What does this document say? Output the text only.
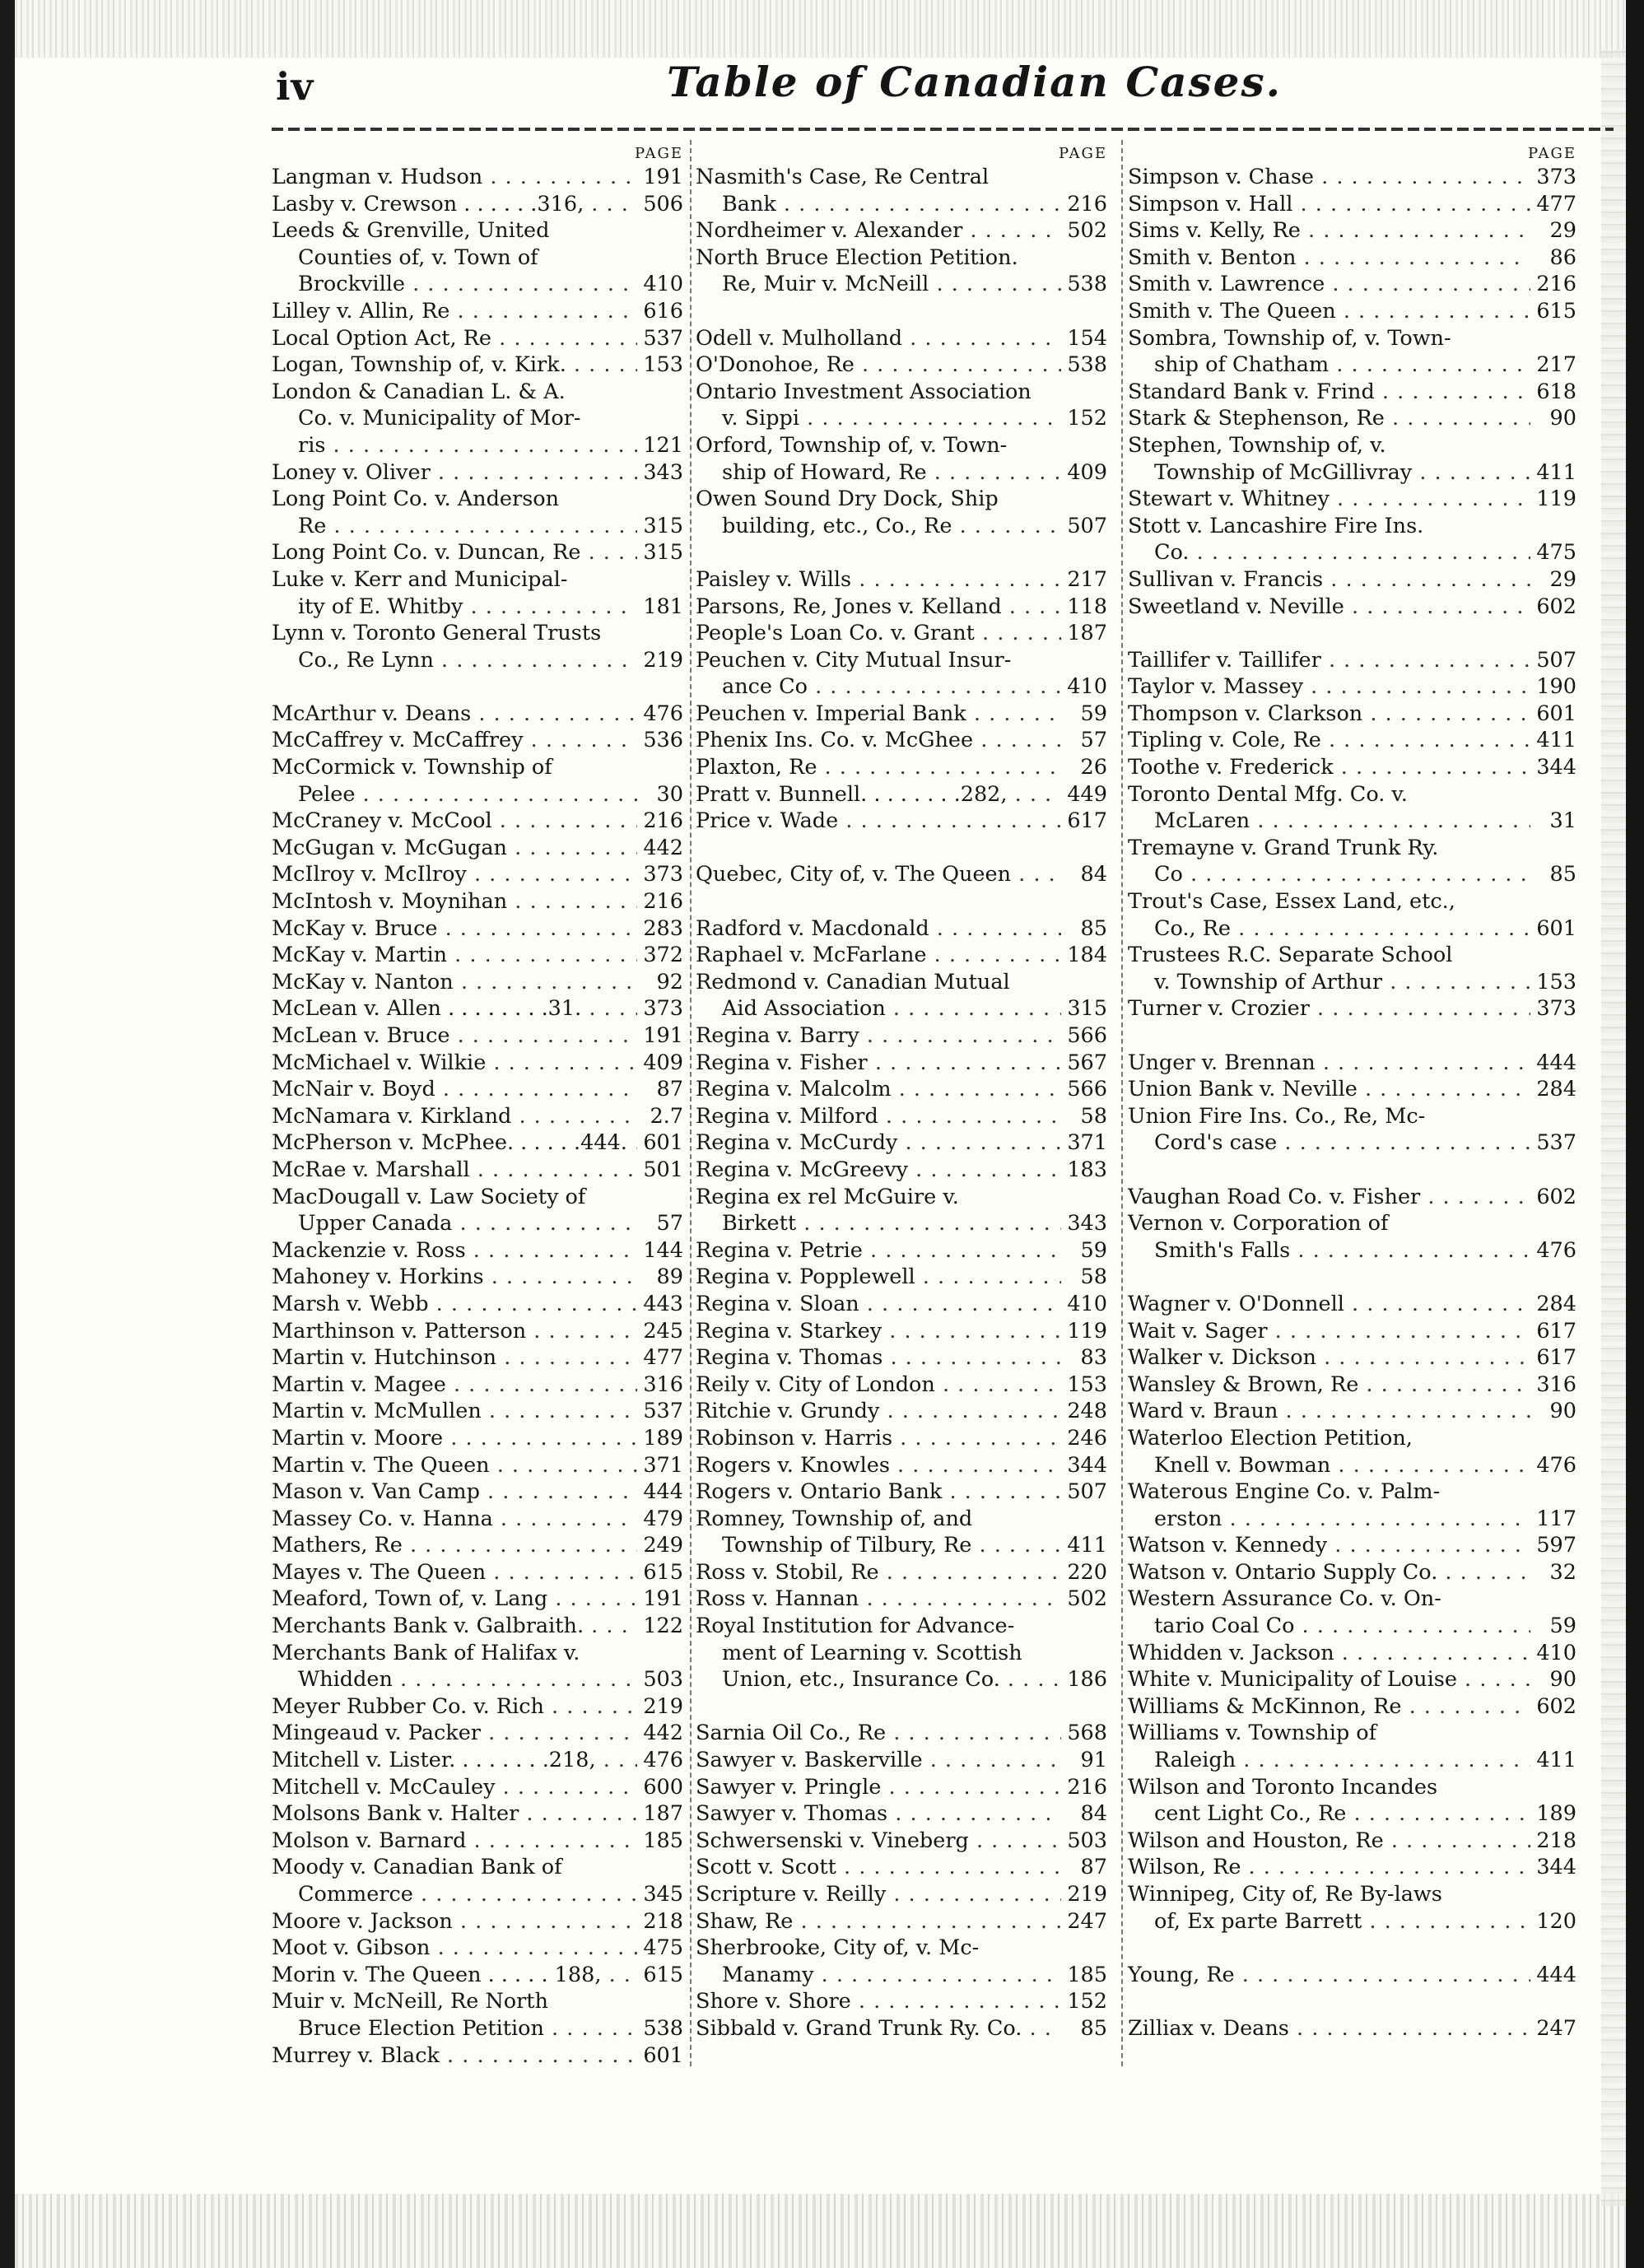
iv	Table of Canadian Cases.
PAGE
Langman v. Hudson . . .	191
Lasby v. Crewson . . . . . .316, . . .	506
Leeds & Grenville, United
Counties of, v. Town of
Brockville . . .	410
Lilley v. Allin, Re . . .	616
Local Option Act, Re . . .	537
Logan, Township of, v. Kirk. . . .	153
London & Canadian L. & A.
Co. v. Municipality of Mor-
ris . . .	121
Loney v. Oliver . . .	343
Long Point Co. v. Anderson
Re . . .	315
Long Point Co. v. Duncan, Re . . .	315
Luke v. Kerr and Municipal-
ity of E. Whitby . . .	181
Lynn v. Toronto General Trusts
Co., Re Lynn . . .	219
McArthur v. Deans . . .	476
McCaffrey v. McCaffrey . . .	536
McCormick v. Township of
Pelee . . .	30
McCraney v. McCool . . .	216
McGugan v. McGugan . . .	442
McIlroy v. McIlroy . . .	373
McIntosh v. Moynihan . . .	216
McKay v. Bruce . . .	283
McKay v. Martin . . .	372
McKay v. Nanton . . .	92
McLean v. Allen . . . . . . . .31. . . .	373
McLean v. Bruce . . .	191
McMichael v. Wilkie . . .	409
McNair v. Boyd . . .	87
McNamara v. Kirkland . . .	2.7
McPherson v. McPhee. . . . . .444. . . . 601
McRae v. Marshall . . .	501
MacDougall v. Law Society of
Upper Canada . . .	57
Mackenzie v. Ross . . .	144
Mahoney v. Horkins . . .	89
Marsh v. Webb . . .	443
Marthinson v. Patterson . . .	245
Martin v. Hutchinson . . .	477
Martin v. Magee . . .	316
Martin v. McMullen . . .	537
Martin v. Moore . . .	189
Martin v. The Queen . . .	371
Mason v. Van Camp . . .	444
Massey Co. v. Hanna . . .	479
Mathers, Re . . .	249
Mayes v. The Queen . . .	615
Meaford, Town of, v. Lang . . .	191
Merchants Bank v. Galbraith. . . .	122
Merchants Bank of Halifax v.
Whidden . . .	503
Meyer Rubber Co. v. Rich . . .	219
Mingeaud v. Packer . . .	442
Mitchell v. Lister. . . . . . . .218, . . .	476
Mitchell v. McCauley . . .	600
Molsons Bank v. Halter . . .	187
Molson v. Barnard . . .	185
Moody v. Canadian Bank of
Commerce . . .	345
Moore v. Jackson . . .	218
Moot v. Gibson . . .	475
Morin v. The Queen . . . . . 188, . . .	615
Muir v. McNeill, Re North
Bruce Election Petition . . .	538
Murrey v. Black . . .	601
PAGE
Nasmith's Case, Re Central
Bank . . .	216
Nordheimer v. Alexander . . .	502
North Bruce Election Petition.
Re, Muir v. McNeill . . .	538
Odell v. Mulholland . . .	154
O'Donohoe, Re . . .	538
Ontario Investment Association
v. Sippi . . .	152
Orford, Township of, v. Town-
ship of Howard, Re . . .	409
Owen Sound Dry Dock, Ship
building, etc., Co., Re . . .	507
Paisley v. Wills . . .	217
Parsons, Re, Jones v. Kelland . . .	118
People's Loan Co. v. Grant . . .	187
Peuchen v. City Mutual Insur-
ance Co . . .	410
Peuchen v. Imperial Bank . . .	59
Phenix Ins. Co. v. McGhee . . .	57
Plaxton, Re . . .	26
Pratt v. Bunnell. . . . . . . .282, . . .	449
Price v. Wade . . .	617
Quebec, City of, v. The Queen . . .	84
Radford v. Macdonald . . .	85
Raphael v. McFarlane . . .	184
Redmond v. Canadian Mutual
Aid Association . . .	315
Regina v. Barry . . .	566
Regina v. Fisher . . .	567
Regina v. Malcolm . . .	566
Regina v. Milford . . .	58
Regina v. McCurdy . . .	371
Regina v. McGreevy . . .	183
Regina ex rel McGuire v.
Birkett . . .	343
Regina v. Petrie . . .	59
Regina v. Popplewell . . .	58
Regina v. Sloan . . .	410
Regina v. Starkey . . .	119
Regina v. Thomas . . .	83
Reily v. City of London . . .	153
Ritchie v. Grundy . . .	248
Robinson v. Harris . . .	246
Rogers v. Knowles . . .	344
Rogers v. Ontario Bank . . .	507
Romney, Township of, and
Township of Tilbury, Re . . .	411
Ross v. Stobil, Re . . .	220
Ross v. Hannan . . .	502
Royal Institution for Advance-
ment of Learning v. Scottish
Union, etc., Insurance Co. . . .	186
Sarnia Oil Co., Re . . .	568
Sawyer v. Baskerville . . .	91
Sawyer v. Pringle . . .	216
Sawyer v. Thomas . . .	84
Schwersenski v. Vineberg . . .	503
Scott v. Scott . . .	87
Scripture v. Reilly . . .	219
Shaw, Re . . .	247
Sherbrooke, City of, v. Mc-
Manamy . . .	185
Shore v. Shore . . .	152
Sibbald v. Grand Trunk Ry. Co. . . .	85
PAGE
Simpson v. Chase . . .	373
Simpson v. Hall . . .	477
Sims v. Kelly, Re . . .	29
Smith v. Benton . . .	86
Smith v. Lawrence . . .	216
Smith v. The Queen . . .	615
Sombra, Township of, v. Town-
ship of Chatham . . .	217
Standard Bank v. Frind . . .	618
Stark & Stephenson, Re . . .	90
Stephen, Township of, v.
Township of McGillivray . . .	411
Stewart v. Whitney . . .	119
Stott v. Lancashire Fire Ins.
Co. . . .	475
Sullivan v. Francis . . .	29
Sweetland v. Neville . . .	602
Taillifer v. Taillifer . . .	507
Taylor v. Massey . . .	190
Thompson v. Clarkson . . .	601
Tipling v. Cole, Re . . .	411
Toothe v. Frederick . . .	344
Toronto Dental Mfg. Co. v.
McLaren . . .	31
Tremayne v. Grand Trunk Ry.
Co . . .	85
Trout's Case, Essex Land, etc.,
Co., Re . . .	601
Trustees R.C. Separate School
v. Township of Arthur . . .	153
Turner v. Crozier . . .	373
Unger v. Brennan . . .	444
Union Bank v. Neville . . .	284
Union Fire Ins. Co., Re, Mc-
Cord's case . . .	537
Vaughan Road Co. v. Fisher . . .	602
Vernon v. Corporation of
Smith's Falls . . .	476
Wagner v. O'Donnell . . .	284
Wait v. Sager . . .	617
Walker v. Dickson . . .	617
Wansley & Brown, Re . . .	316
Ward v. Braun . . .	90
Waterloo Election Petition,
Knell v. Bowman . . .	476
Waterous Engine Co. v. Palm-
erston . . .	117
Watson v. Kennedy . . .	597
Watson v. Ontario Supply Co. . . .	32
Western Assurance Co. v. On-
tario Coal Co . . .	59
Whidden v. Jackson . . .	410
White v. Municipality of Louise . . .	90
Williams & McKinnon, Re . . .	602
Williams v. Township of
Raleigh . . .	411
Wilson and Toronto Incandes
cent Light Co., Re . . .	189
Wilson and Houston, Re . . .	218
Wilson, Re . . .	344
Winnipeg, City of, Re By-laws
of, Ex parte Barrett . . .	120
Young, Re . . .	444
Zilliax v. Deans . . .	247
